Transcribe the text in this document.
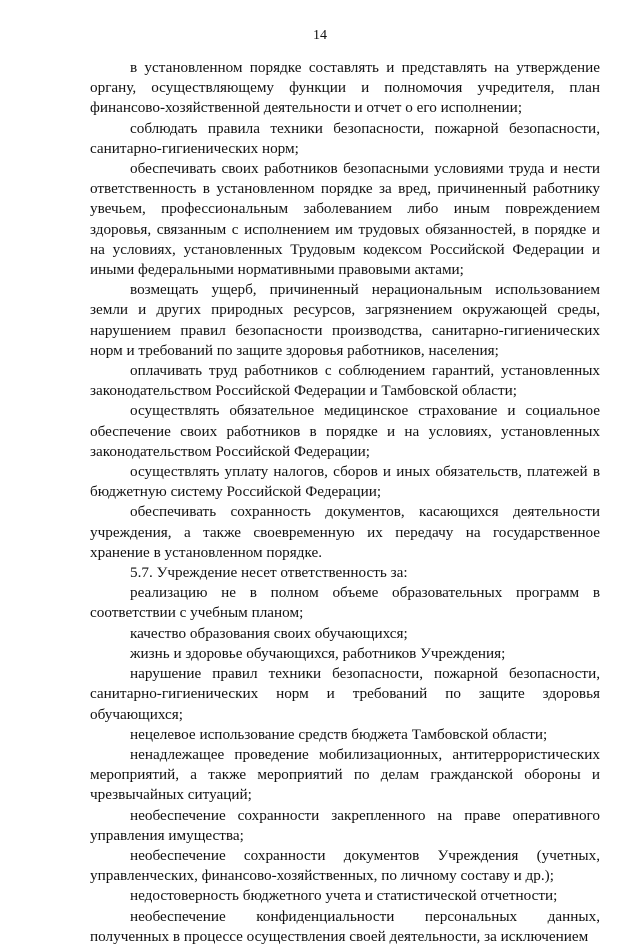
14

в установленном порядке составлять и представлять на утверждение органу, осуществляющему функции и полномочия учредителя, план финансово-хозяйственной деятельности и отчет о его исполнении;

соблюдать правила техники безопасности, пожарной безопасности, санитарно-гигиенических норм;

обеспечивать своих работников безопасными условиями труда и нести ответственность в установленном порядке за вред, причиненный работнику увечьем, профессиональным заболеванием либо иным повреждением здоровья, связанным с исполнением им трудовых обязанностей, в порядке и на условиях, установленных Трудовым кодексом Российской Федерации и иными федеральными нормативными правовыми актами;

возмещать ущерб, причиненный нерациональным использованием земли и других природных ресурсов, загрязнением окружающей среды, нарушением правил безопасности производства, санитарно-гигиенических норм и требований по защите здоровья работников, населения;

оплачивать труд работников с соблюдением гарантий, установленных законодательством Российской Федерации и Тамбовской области;

осуществлять обязательное медицинское страхование и социальное обеспечение своих работников в порядке и на условиях, установленных законодательством Российской Федерации;

осуществлять уплату налогов, сборов и иных обязательств, платежей в бюджетную систему Российской Федерации;

обеспечивать сохранность документов, касающихся деятельности учреждения, а также своевременную их передачу на государственное хранение в установленном порядке.

5.7. Учреждение несет ответственность за:

реализацию не в полном объеме образовательных программ в соответствии с учебным планом;

качество образования своих обучающихся;

жизнь и здоровье обучающихся, работников Учреждения;

нарушение правил техники безопасности, пожарной безопасности, санитарно-гигиенических норм и требований по защите здоровья обучающихся;

нецелевое использование средств бюджета Тамбовской области;

ненадлежащее проведение мобилизационных, антитеррористических мероприятий, а также мероприятий по делам гражданской обороны и чрезвычайных ситуаций;

необеспечение сохранности закрепленного на праве оперативного управления имущества;

необеспечение сохранности документов Учреждения (учетных, управленческих, финансово-хозяйственных, по личному составу и др.);

недостоверность бюджетного учета и статистической отчетности;

необеспечение конфиденциальности персональных данных, полученных в процессе осуществления своей деятельности, за исключением
